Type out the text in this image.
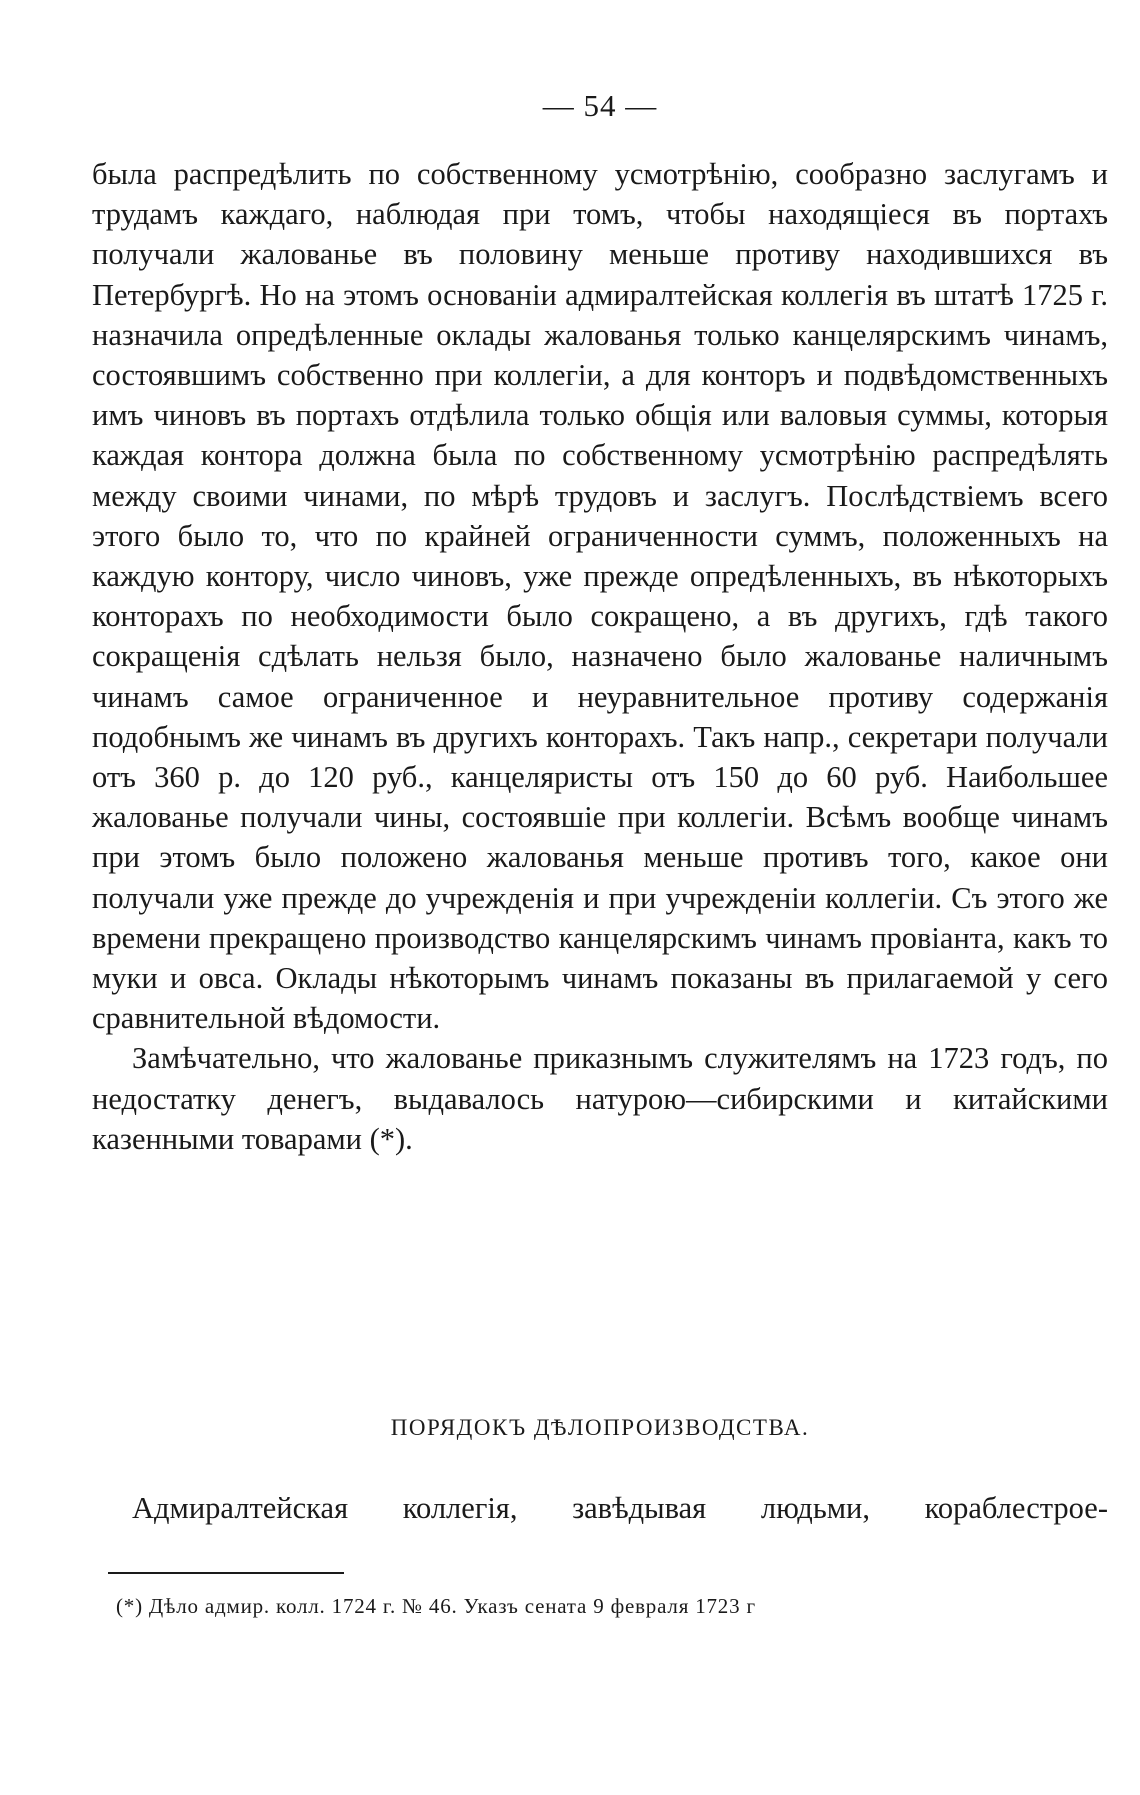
— 54 —

была распредѣлить по собственному усмотрѣнію, сообразно заслугамъ и трудамъ каждаго, наблюдая при томъ, чтобы находящіеся въ портахъ получали жалованье въ половину меньше противу находившихся въ Петербургѣ. Но на этомъ основаніи адмиралтейская коллегія въ штатѣ 1725 г. назначила опредѣленные оклады жалованья только канцелярскимъ чинамъ, состоявшимъ собственно при коллегіи, а для конторъ и подвѣдомственныхъ имъ чиновъ въ портахъ отдѣлила только общія или валовыя суммы, которыя каждая контора должна была по собственному усмотрѣнію распредѣлять между своими чинами, по мѣрѣ трудовъ и заслугъ. Послѣдствіемъ всего этого было то, что по крайней ограниченности суммъ, положенныхъ на каждую контору, число чиновъ, уже прежде опредѣленныхъ, въ нѣкоторыхъ конторахъ по необходимости было сокращено, а въ другихъ, гдѣ такого сокращенія сдѣлать нельзя было, назначено было жалованье наличнымъ чинамъ самое ограниченное и неуравнительное противу содержанія подобнымъ же чинамъ въ другихъ конторахъ. Такъ напр., секретари получали отъ 360 р. до 120 руб., канцеляристы отъ 150 до 60 руб. Наибольшее жалованье получали чины, состоявшіе при коллегіи. Всѣмъ вообще чинамъ при этомъ было положено жалованья меньше противъ того, какое они получали уже прежде до учрежденія и при учрежденіи коллегіи. Съ этого же времени прекращено производство канцелярскимъ чинамъ провіанта, какъ то муки и овса. Оклады нѣкоторымъ чинамъ показаны въ прилагаемой у сего сравнительной вѣдомости.

Замѣчательно, что жалованье приказнымъ служителямъ на 1723 годъ, по недостатку денегъ, выдавалось натурою—сибирскими и китайскими казенными товарами (*).

ПОРЯДОКЪ ДѢЛОПРОИЗВОДСТВА.

Адмиралтейская коллегія, завѣдывая людьми, кораблестрое-

(*) Дѣло адмир. колл. 1724 г. № 46. Указъ сената 9 февраля 1723 г
